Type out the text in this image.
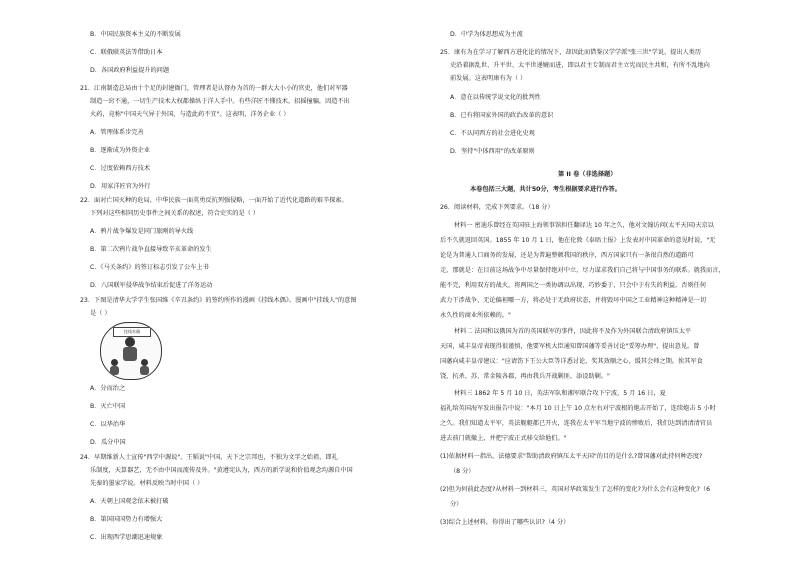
B．中国民族资本主义的不断发展
C．联俄联英法等借助日本
D．各国政府利益提升的问题
21．江南制造总局由十个足的封建衙门，管理者是认督办为首的一群大大小小的官吏，他们对军器
制造一窍不通，一切生产技术大权都操纵于洋人手中。有些洋匠不懂技术，招摇撞骗，因造不出
火药，竟称"中国天气异于外国，与造此药不宜"。这表明，洋务企业（ ）
A．管理体系步完善
B．逐渐成为外资企业
C．过度依赖西方技术
D．用家洋匠官为外行
22．面对亡国灭种的危局，中华民族一面英勇反抗列强侵略，一面开始了近代化道路的艰辛探索。
下列对这些相同历史事件之间关系的叙述，符合史实的是（ ）
A．鸦片战争爆发是同门旅刚的导火线
B．第二次鸦片战争直接导致辛亥革命的发生
C．《马关条约》的签订标志引发了公车上书
D．八国联军侵华战争结束后促进了洋务运动
23．下图是清华大学学生张国维《辛丑条约》的签约所作的漫画《挂线木偶》。漫画中"挂线人"的意图
是（ ）
挂线木偶
A．分而治之
B．灭亡中国
C．以华治华
D．瓜分中国
24．早期维新人士宣传"西学中源说"。王韬说"中国，天下之宗邦也，不独为文字之始祖，即礼
乐制度，天算器艺，无不由中国而流传及外。"黄遵宪认为，西方的新学说和价值观念均源自中国
先秦的墨家学说。材料反映当时中国（ ）
A．天朝上国观念依未被打破
B．第国国国势力有增强大
C．出现西学思潮迅速规象
D．中学为体思想成为主流
25．康有为在学习了解西方进化论的情况下，却因此而借鉴汉学学派"张三世"学说，提出人类历
史沿着据乱世、升平世、太平世递嬗而进，即以君主专制而君主立宪而民主共和，有所不乱地向
前发展。这表明康有为（ ）
A．意在以传统学说文化的批判性
B．已有将国家外国的政治改革的意识
C．不认同西方的社会进化史观
D．坚持"中体西用"的改革原则
第 II 卷（非选择题）
本卷包括三大题，共计50分，考生根据要求进行作答。
26．阅读材料，完成下列要求。（18 分）
材料一 密迪乐曾经在英国驻上海领事馆担任翻译达 10 年之久，他对文翰访问(太平天国)天京以
后不久就返回英国。1855 年 10 月 1 日，他在伦敦《泰晤士报》上发表对中国革命的意见时说，"无
论是为普通人口商务的发展，还是为普遍整顿我国的秩序，西方国家只有一条很自然的道路可
走，那就是：在目前这场战争中尽量保持绝对中立，尽力谋求我们自己将与中国事务的联系。就我而言，
能不完，利用双方的战火，将两国之一类协调以出现，巧妙委于，只会中于有失的利益。否则任何
武力干涉战争，无论偏袒哪一方，将必处于无政府状态，并将毁坏中国之工业精神这种精神是一切
永久性的商业所依赖的。"
材料二 法国和以俄国为首的英国联军的事件，因此将不及作为外国联合清政府镇压太平
天国，咸丰皇帝表现得很谨慎，他要军机大臣通知曾国藩等妥善讨论"妥筹办理"，提出意见。曾
国藩向咸丰皇帝建议："应请饬下王公大臣等详悉讨论，奖其效顺之心，缓其会师之期。俟其军食
饶，抗杀、苏、常金陵各郡，再由我兵开战剿匪，添设助剿。"
材料三 1862 年 5 月 10 日，英法军队和湘军联合攻下宁波，5 月 16 日，夏
福礼给英国海军发出报告中说："本月 10 日上午 10 点左右对宁波根的炮击开始了，连续炮击 5 小时
之久。我们知道太平军，英法舰艇都已开火，连我在太平军当地宁波的惨败后，我们达到清清清官员
进去前门就撤上，并把宁波正式移交给他们。"
(1)依据材料一指出，法德要求"帮助清政府镇压太平天国"的目的是什么?曾国藩对此持何种态度?
（8 分）
(2)但为何前此态度?从材料一到材料三，英国对华政策发生了怎样的变化?为什么会有这种变化?（6
分）
(3)综合上述材料，你得出了哪些认识?（4 分）
